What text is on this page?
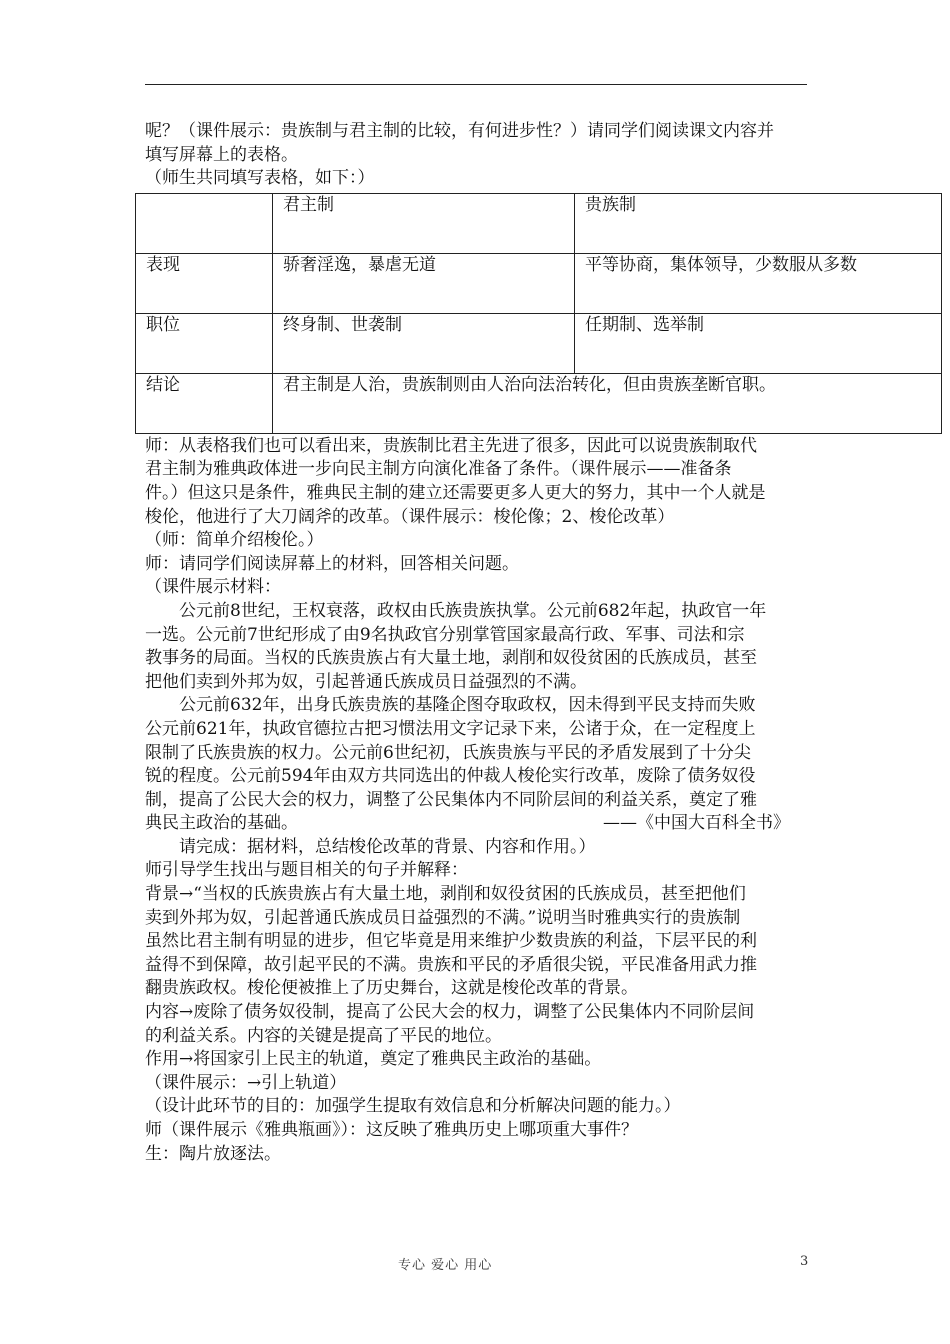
呢？（课件展示：贵族制与君主制的比较，有何进步性？）请同学们阅读课文内容并

填写屏幕上的表格。

（师生共同填写表格，如下：）

	君主制	贵族制
表现	骄奢淫逸，暴虐无道	平等协商，集体领导，少数服从多数
职位	终身制、世袭制	任期制、选举制
结论	君主制是人治，贵族制则由人治向法治转化，但由贵族垄断官职。	

师：从表格我们也可以看出来，贵族制比君主先进了很多，因此可以说贵族制取代

君主制为雅典政体进一步向民主制方向演化准备了条件。（课件展示——准备条

件。）但这只是条件，雅典民主制的建立还需要更多人更大的努力，其中一个人就是

梭伦，他进行了大刀阔斧的改革。（课件展示：梭伦像；2、梭伦改革）

（师：简单介绍梭伦。）

师：请同学们阅读屏幕上的材料，回答相关问题。

（课件展示材料：

公元前8世纪，王权衰落，政权由氏族贵族执掌。公元前682年起，执政官一年

一选。公元前7世纪形成了由9名执政官分别掌管国家最高行政、军事、司法和宗

教事务的局面。当权的氏族贵族占有大量土地，剥削和奴役贫困的氏族成员，甚至

把他们卖到外邦为奴，引起普通氏族成员日益强烈的不满。

公元前632年，出身氏族贵族的基隆企图夺取政权，因未得到平民支持而失败

公元前621年，执政官德拉古把习惯法用文字记录下来，公诸于众，在一定程度上

限制了氏族贵族的权力。公元前6世纪初，氏族贵族与平民的矛盾发展到了十分尖

锐的程度。公元前594年由双方共同选出的仲裁人梭伦实行改革，废除了债务奴役

制，提高了公民大会的权力，调整了公民集体内不同阶层间的利益关系，奠定了雅

典民主政治的基础。	——《中国大百科全书》

请完成：据材料，总结梭伦改革的背景、内容和作用。）

师引导学生找出与题目相关的句子并解释：

背景→“当权的氏族贵族占有大量土地，剥削和奴役贫困的氏族成员，甚至把他们

卖到外邦为奴，引起普通氏族成员日益强烈的不满。”说明当时雅典实行的贵族制

虽然比君主制有明显的进步，但它毕竟是用来维护少数贵族的利益，下层平民的利

益得不到保障，故引起平民的不满。贵族和平民的矛盾很尖锐，平民准备用武力推

翻贵族政权。梭伦便被推上了历史舞台，这就是梭伦改革的背景。

内容→废除了债务奴役制，提高了公民大会的权力，调整了公民集体内不同阶层间

的利益关系。内容的关键是提高了平民的地位。

作用→将国家引上民主的轨道，奠定了雅典民主政治的基础。

（课件展示：→引上轨道）

（设计此环节的目的：加强学生提取有效信息和分析解决问题的能力。）

师（课件展示《雅典瓶画》）：这反映了雅典历史上哪项重大事件？

生：陶片放逐法。

专心 爱心 用心	3
